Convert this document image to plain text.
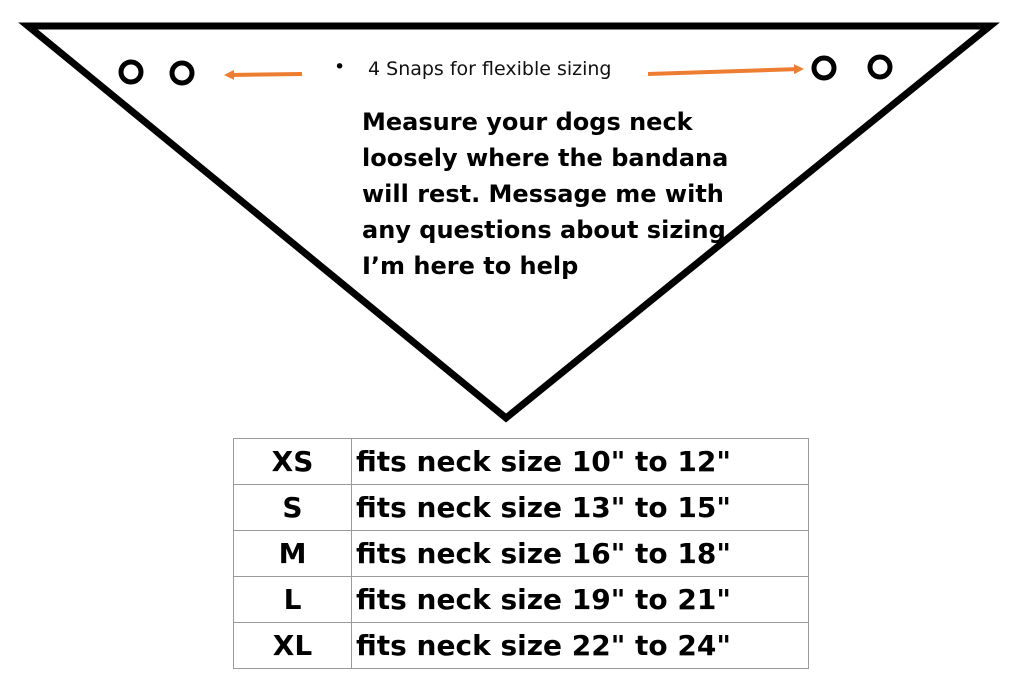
• 4 Snaps for flexible sizing
Measure your dogs neck loosely where the bandana will rest. Message me with any questions about sizing, I’m here to help
XS	fits neck size 10" to 12"
S	fits neck size 13" to 15"
M	fits neck size 16" to 18"
L	fits neck size 19" to 21"
XL	fits neck size 22" to 24"
